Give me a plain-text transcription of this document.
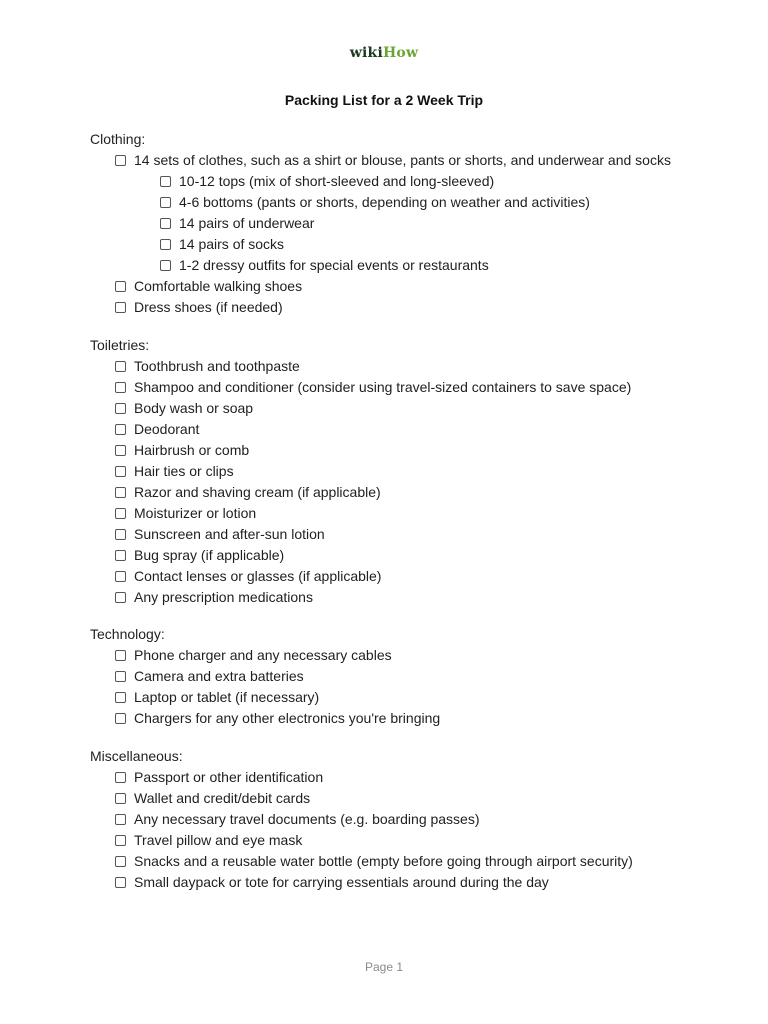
wikiHow
Packing List for a 2 Week Trip
Clothing:
14 sets of clothes, such as a shirt or blouse, pants or shorts, and underwear and socks
10-12 tops (mix of short-sleeved and long-sleeved)
4-6 bottoms (pants or shorts, depending on weather and activities)
14 pairs of underwear
14 pairs of socks
1-2 dressy outfits for special events or restaurants
Comfortable walking shoes
Dress shoes (if needed)
Toiletries:
Toothbrush and toothpaste
Shampoo and conditioner (consider using travel-sized containers to save space)
Body wash or soap
Deodorant
Hairbrush or comb
Hair ties or clips
Razor and shaving cream (if applicable)
Moisturizer or lotion
Sunscreen and after-sun lotion
Bug spray (if applicable)
Contact lenses or glasses (if applicable)
Any prescription medications
Technology:
Phone charger and any necessary cables
Camera and extra batteries
Laptop or tablet (if necessary)
Chargers for any other electronics you're bringing
Miscellaneous:
Passport or other identification
Wallet and credit/debit cards
Any necessary travel documents (e.g. boarding passes)
Travel pillow and eye mask
Snacks and a reusable water bottle (empty before going through airport security)
Small daypack or tote for carrying essentials around during the day
Page 1
